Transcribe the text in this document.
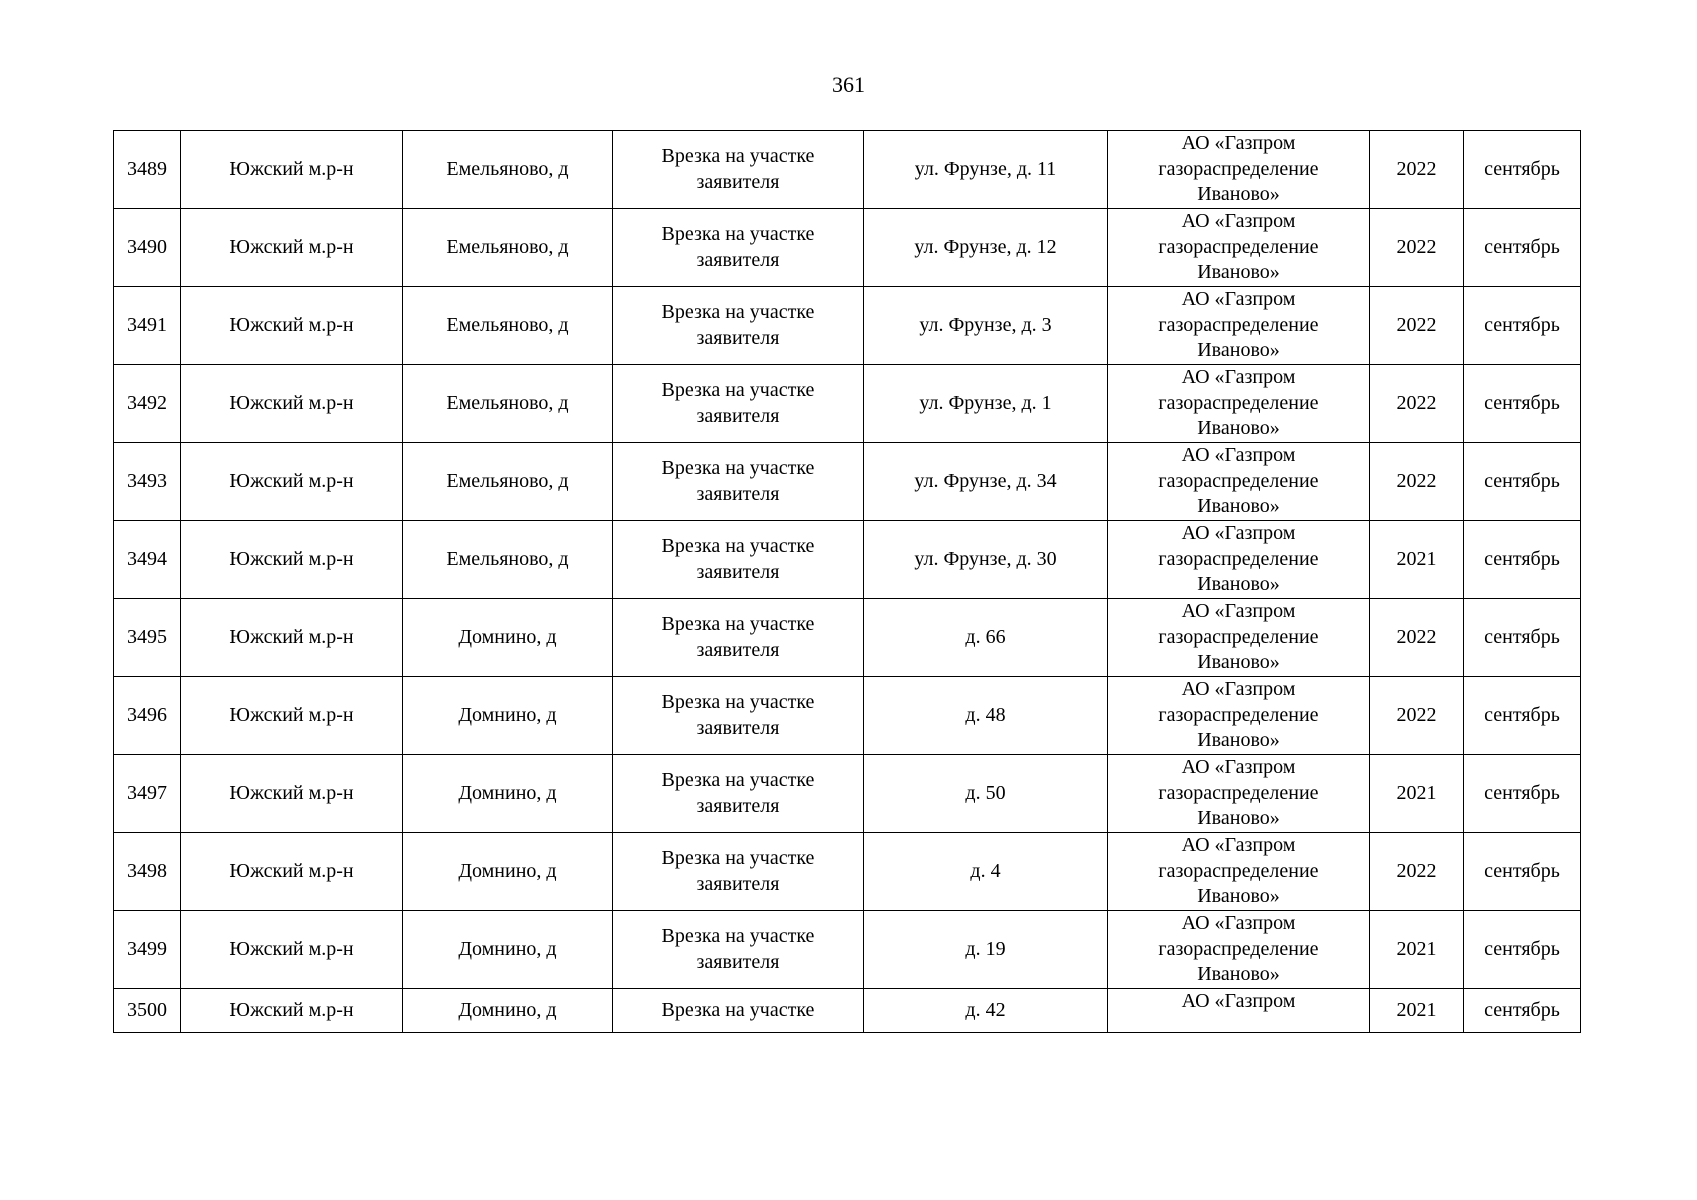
361
3489	Южский м.р-н	Емельяново, д	Врезка на участке
заявителя	ул. Фрунзе, д. 11	АО «Газпром
газораспределение
Иваново»	2022	сентябрь
3490	Южский м.р-н	Емельяново, д	Врезка на участке
заявителя	ул. Фрунзе, д. 12	АО «Газпром
газораспределение
Иваново»	2022	сентябрь
3491	Южский м.р-н	Емельяново, д	Врезка на участке
заявителя	ул. Фрунзе, д. 3	АО «Газпром
газораспределение
Иваново»	2022	сентябрь
3492	Южский м.р-н	Емельяново, д	Врезка на участке
заявителя	ул. Фрунзе, д. 1	АО «Газпром
газораспределение
Иваново»	2022	сентябрь
3493	Южский м.р-н	Емельяново, д	Врезка на участке
заявителя	ул. Фрунзе, д. 34	АО «Газпром
газораспределение
Иваново»	2022	сентябрь
3494	Южский м.р-н	Емельяново, д	Врезка на участке
заявителя	ул. Фрунзе, д. 30	АО «Газпром
газораспределение
Иваново»	2021	сентябрь
3495	Южский м.р-н	Домнино, д	Врезка на участке
заявителя	д. 66	АО «Газпром
газораспределение
Иваново»	2022	сентябрь
3496	Южский м.р-н	Домнино, д	Врезка на участке
заявителя	д. 48	АО «Газпром
газораспределение
Иваново»	2022	сентябрь
3497	Южский м.р-н	Домнино, д	Врезка на участке
заявителя	д. 50	АО «Газпром
газораспределение
Иваново»	2021	сентябрь
3498	Южский м.р-н	Домнино, д	Врезка на участке
заявителя	д. 4	АО «Газпром
газораспределение
Иваново»	2022	сентябрь
3499	Южский м.р-н	Домнино, д	Врезка на участке
заявителя	д. 19	АО «Газпром
газораспределение
Иваново»	2021	сентябрь
3500	Южский м.р-н	Домнино, д	Врезка на участке	д. 42	АО «Газпром	2021	сентябрь
